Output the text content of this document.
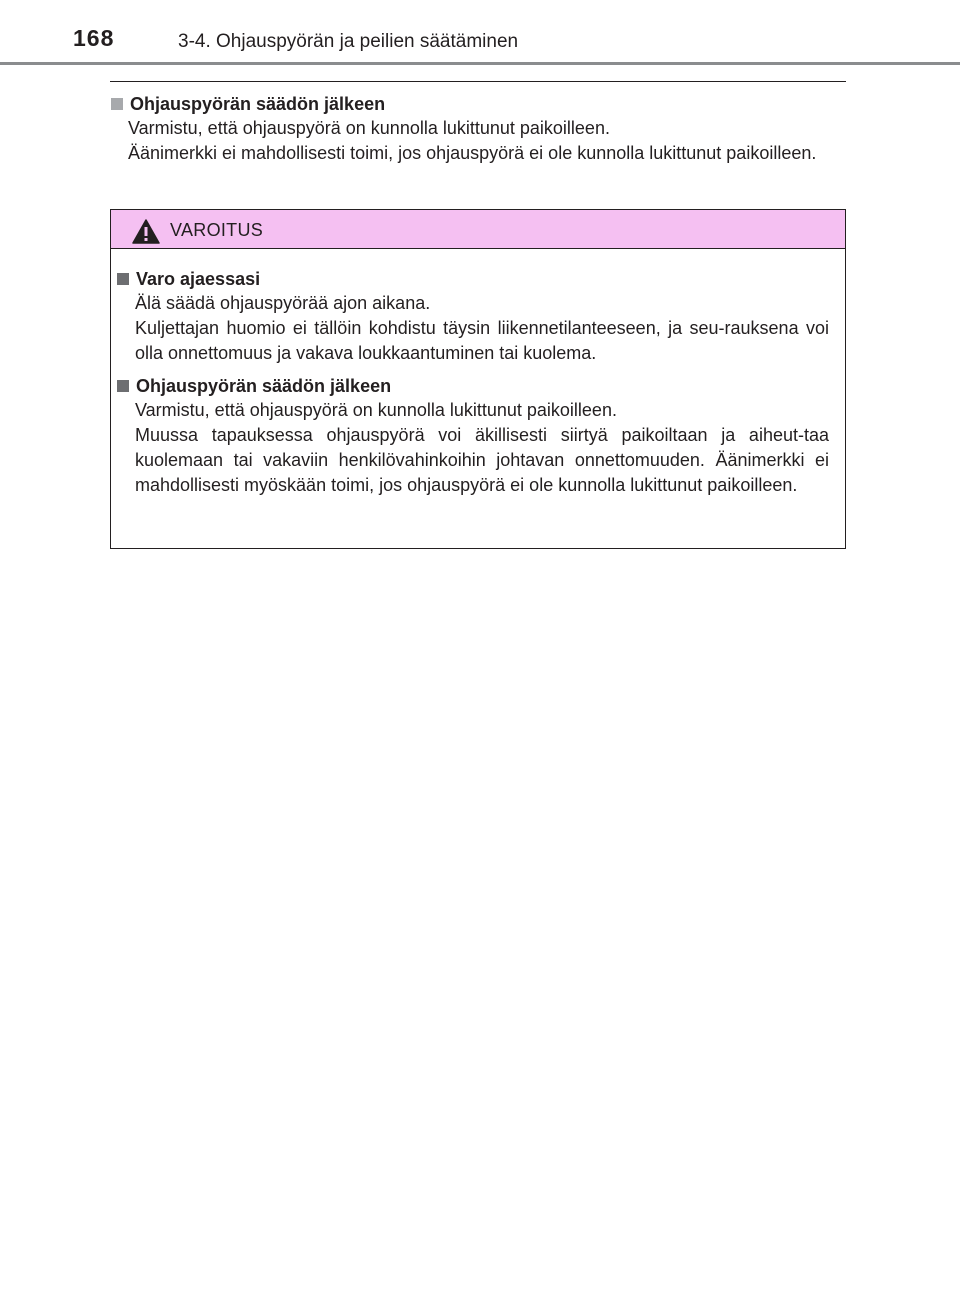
168	3-4. Ohjauspyörän ja peilien säätäminen
Ohjauspyörän säädön jälkeen
Varmistu, että ohjauspyörä on kunnolla lukittunut paikoilleen.
Äänimerkki ei mahdollisesti toimi, jos ohjauspyörä ei ole kunnolla lukittunut paikoilleen.
VAROITUS
Varo ajaessasi
Älä säädä ohjauspyörää ajon aikana.
Kuljettajan huomio ei tällöin kohdistu täysin liikennetilanteeseen, ja seu-rauksena voi olla onnettomuus ja vakava loukkaantuminen tai kuolema.
Ohjauspyörän säädön jälkeen
Varmistu, että ohjauspyörä on kunnolla lukittunut paikoilleen.
Muussa tapauksessa ohjauspyörä voi äkillisesti siirtyä paikoiltaan ja aiheut-taa kuolemaan tai vakaviin henkilövahinkoihin johtavan onnettomuuden. Äänimerkki ei mahdollisesti myöskään toimi, jos ohjauspyörä ei ole kunnolla lukittunut paikoilleen.
